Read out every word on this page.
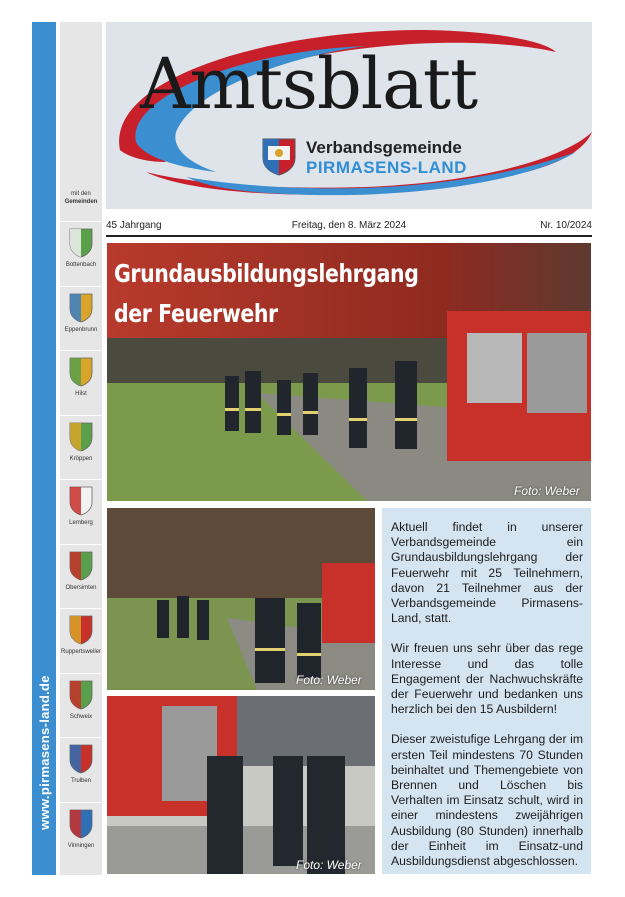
www.pirmasens-land.de
mit den
Gemeinden
Bottenbach
Eppenbrunn
Hilst
Kröppen
Lemberg
Obersimten
Ruppertsweiler
Schweix
Trulben
Vinningen
Amtsblatt
Verbandsgemeinde
PIRMASENS-LAND
45 Jahrgang	Freitag, den 8. März 2024	Nr. 10/2024
Grundausbildungslehrgang
der Feuerwehr
Foto: Weber
Foto: Weber
Foto: Weber

Aktuell findet in unserer Verbandsgemeinde ein Grundausbildungslehrgang der Feuerwehr mit 25 Teilnehmern, davon 21 Teilnehmer aus der Verbandsgemeinde Pirmasens-Land, statt.

Wir freuen uns sehr über das rege Interesse und das tolle Engagement der Nachwuchskräfte der Feuerwehr und bedanken uns herzlich bei den 15 Ausbildern!

Dieser zweistufige Lehrgang der im ersten Teil mindestens 70 Stunden beinhaltet und Themengebiete von Brennen und Löschen bis Verhalten im Einsatz schult, wird in einer mindestens zweijährigen Ausbildung (80 Stunden) innerhalb der Einheit im Einsatz-und Ausbildungsdienst abgeschlossen.
